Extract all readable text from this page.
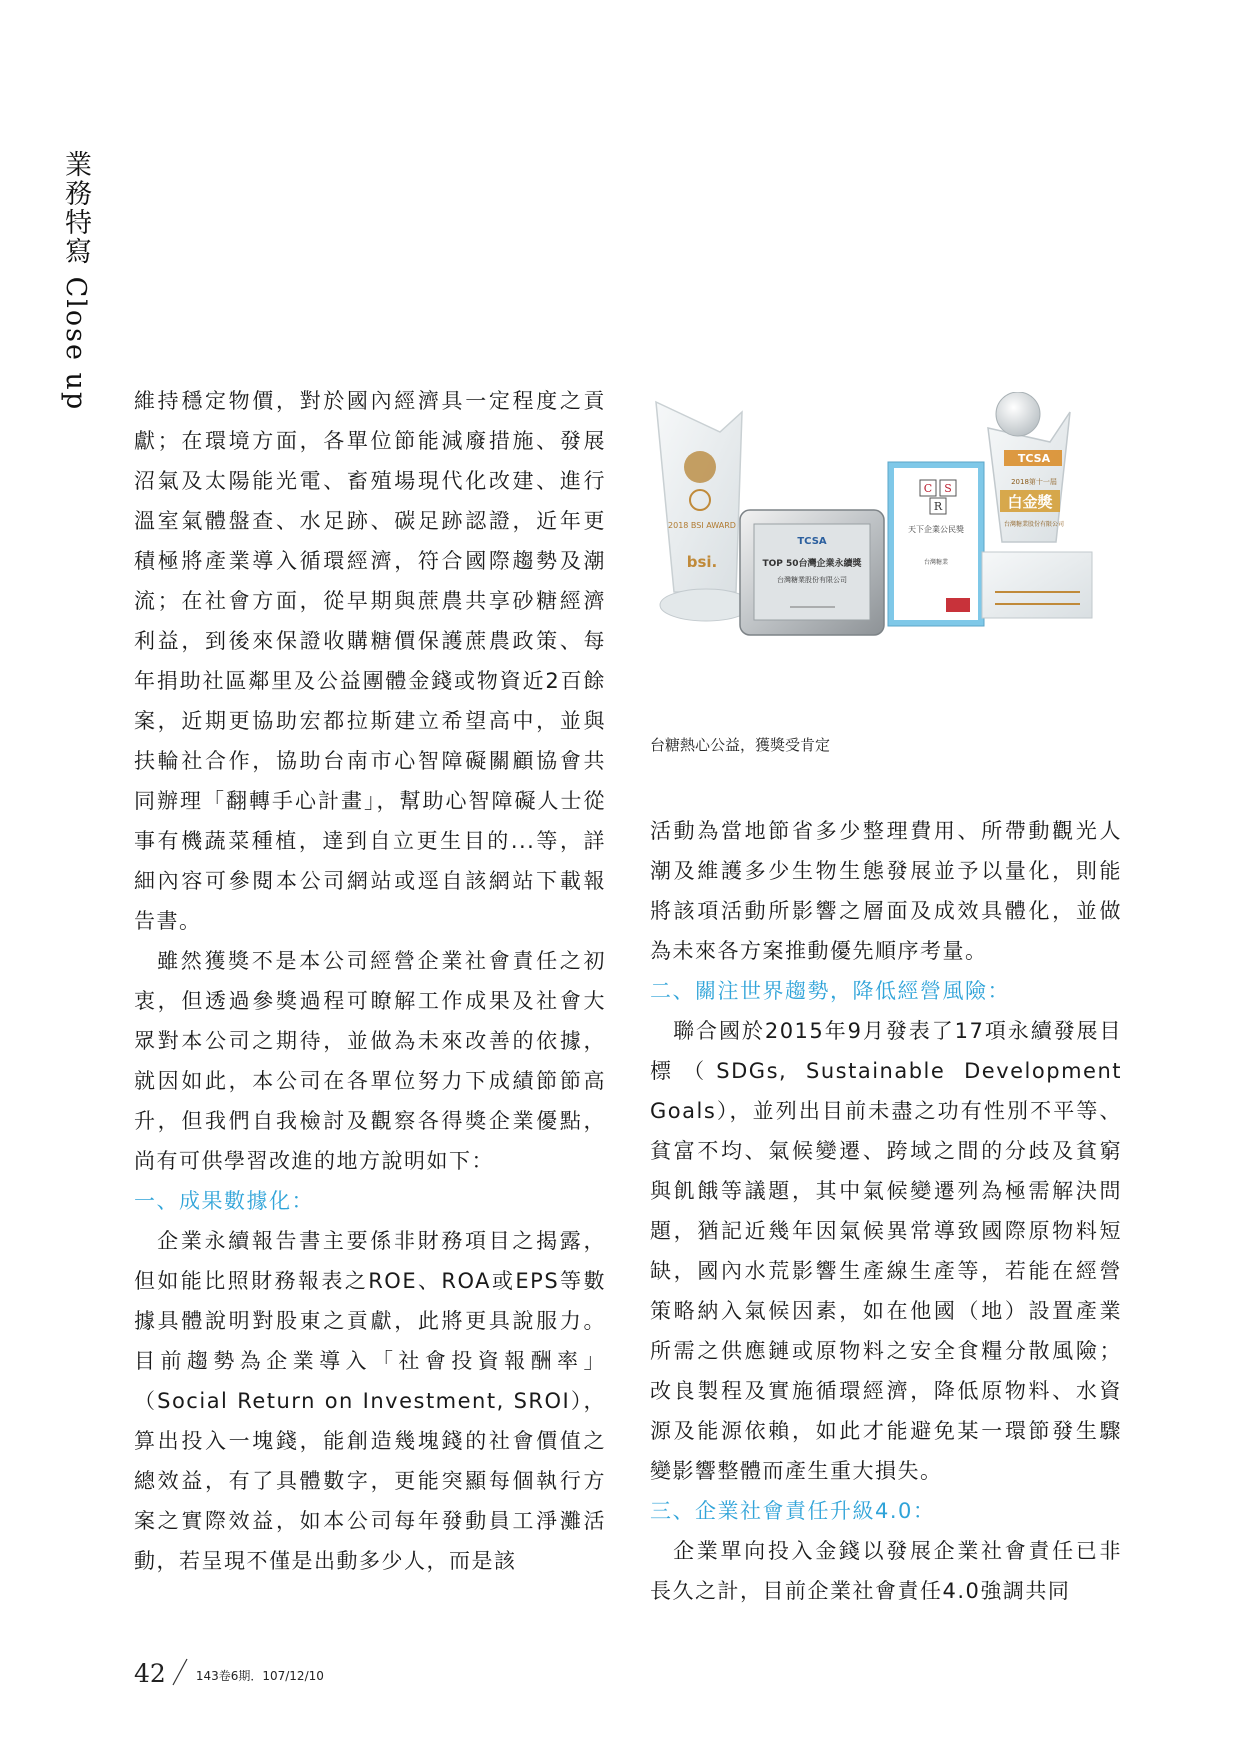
業務特寫 Close up 維持穩定物價，對於國內經濟具一定程度之貢獻；在環境方面，各單位節能減廢措施、發展沼氣及太陽能光電、畜殖場現代化改建、進行溫室氣體盤查、水足跡、碳足跡認證，近年更積極將產業導入循環經濟，符合國際趨勢及潮流；在社會方面，從早期與蔗農共享砂糖經濟利益，到後來保證收購糖價保護蔗農政策、每年捐助社區鄰里及公益團體金錢或物資近2百餘案，近期更協助宏都拉斯建立希望高中，並與扶輪社合作，協助台南市心智障礙關顧協會共同辦理「翻轉手心計畫」，幫助心智障礙人士從事有機蔬菜種植，達到自立更生目的...等，詳細內容可參閱本公司網站或逕自該網站下載報告書。

雖然獲獎不是本公司經營企業社會責任之初衷，但透過參獎過程可瞭解工作成果及社會大眾對本公司之期待，並做為未來改善的依據，就因如此，本公司在各單位努力下成績節節高升，但我們自我檢討及觀察各得獎企業優點，尚有可供學習改進的地方說明如下：

一、成果數據化：

企業永續報告書主要係非財務項目之揭露，但如能比照財務報表之ROE、ROA或EPS等數據具體說明對股東之貢獻，此將更具說服力。目前趨勢為企業導入「社會投資報酬率」（Social Return on Investment, SROI），算出投入一塊錢，能創造幾塊錢的社會價值之總效益，有了具體數字，更能突顯每個執行方案之實際效益，如本公司每年發動員工淨灘活動，若呈現不僅是出動多少人，而是該

2018 BSI AWARD
bsi.
TCSA
TOP 50台灣企業永續獎
台灣糖業股份有限公司
C S
R
天下企業公民獎
台灣糖業
TCSA
2018第十一屆
白金獎
台灣糖業股份有限公司
台糖熱心公益，獲獎受肯定

活動為當地節省多少整理費用、所帶動觀光人潮及維護多少生物生態發展並予以量化，則能將該項活動所影響之層面及成效具體化，並做為未來各方案推動優先順序考量。

二、關注世界趨勢，降低經營風險：

聯合國於2015年9月發表了17項永續發展目標（SDGs, Sustainable Development Goals），並列出目前未盡之功有性別不平等、貧富不均、氣候變遷、跨域之間的分歧及貧窮與飢餓等議題，其中氣候變遷列為極需解決問題，猶記近幾年因氣候異常導致國際原物料短缺，國內水荒影響生產線生產等，若能在經營策略納入氣候因素，如在他國（地）設置產業所需之供應鏈或原物料之安全食糧分散風險；改良製程及實施循環經濟，降低原物料、水資源及能源依賴，如此才能避免某一環節發生驟變影響整體而產生重大損失。

三、企業社會責任升級4.0：

企業單向投入金錢以發展企業社會責任已非長久之計，目前企業社會責任4.0強調共同

42	143卷6期．107/12/10
